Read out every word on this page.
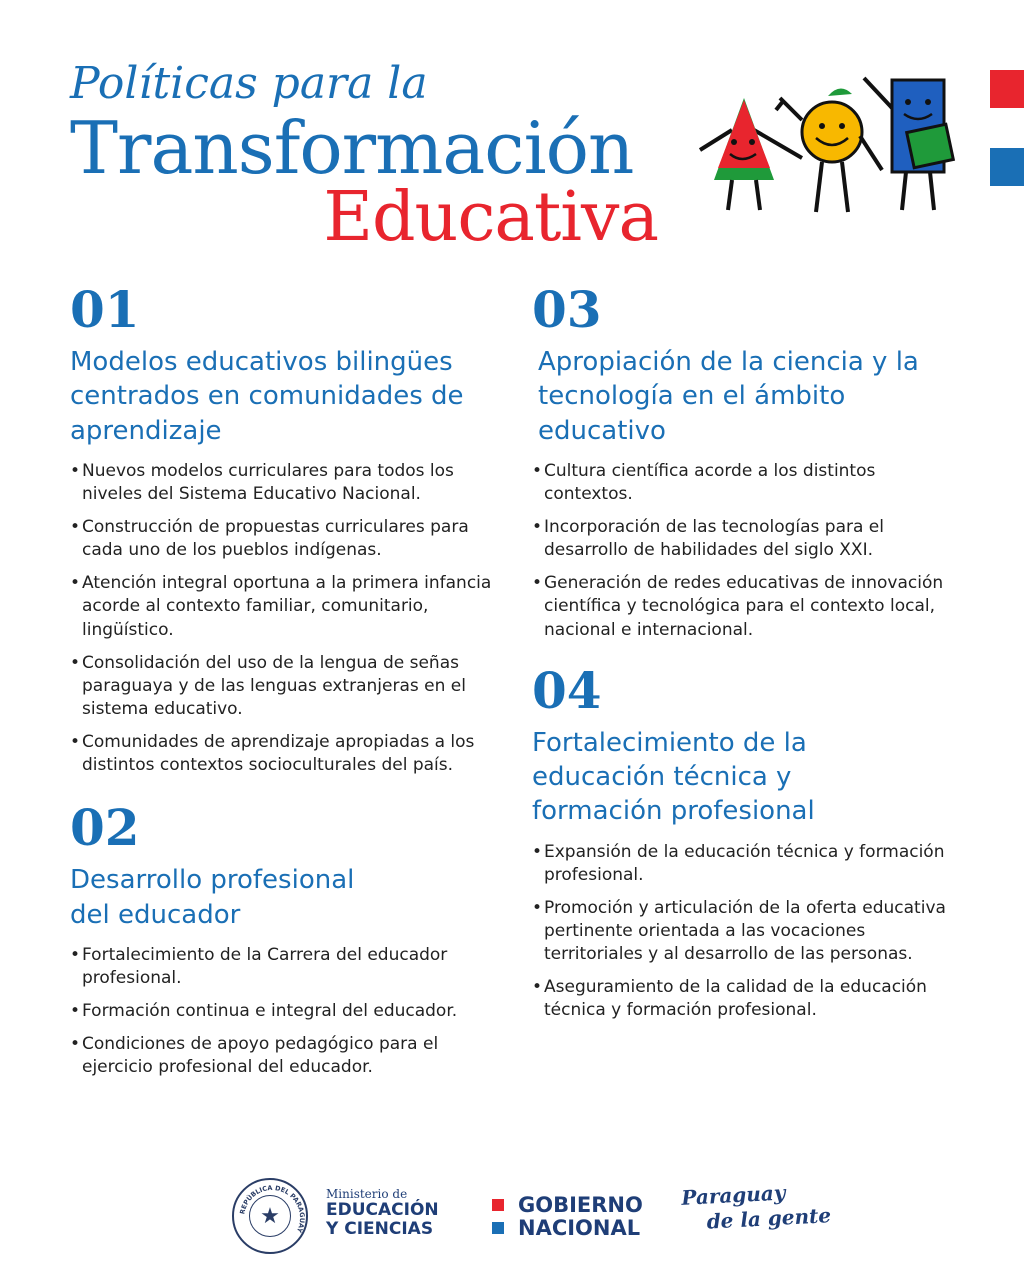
Políticas para la
Transformación
Educativa
01
Modelos educativos bilingües centrados en comunidades de aprendizaje
• Nuevos modelos curriculares para todos los niveles del Sistema Educativo Nacional.
• Construcción de propuestas curriculares para cada uno de los pueblos indígenas.
• Atención integral oportuna a la primera infancia acorde al contexto familiar, comunitario, lingüístico.
• Consolidación del uso de la lengua de señas paraguaya y de las lenguas extranjeras en el sistema educativo.
• Comunidades de aprendizaje apropiadas a los distintos contextos socioculturales del país.
02
Desarrollo profesional del educador
• Fortalecimiento de la Carrera del educador profesional.
• Formación continua e integral del educador.
• Condiciones de apoyo pedagógico para el ejercicio profesional del educador.
03
Apropiación de la ciencia y la tecnología en el ámbito educativo
• Cultura científica acorde a los distintos contextos.
• Incorporación de las tecnologías para el desarrollo de habilidades del siglo XXI.
• Generación de redes educativas de innovación científica y tecnológica para el contexto local, nacional e internacional.
04
Fortalecimiento de la educación técnica y formación profesional
• Expansión de la educación técnica y formación profesional.
• Promoción y articulación de la oferta educativa pertinente orientada a las vocaciones territoriales y al desarrollo de las personas.
• Aseguramiento de la calidad de la educación técnica y formación profesional.
REPÚBLICA DEL PARAGUAY
★
Ministerio de
EDUCACIÓN
Y CIENCIAS
GOBIERNO
NACIONAL
Paraguay
de la gente
